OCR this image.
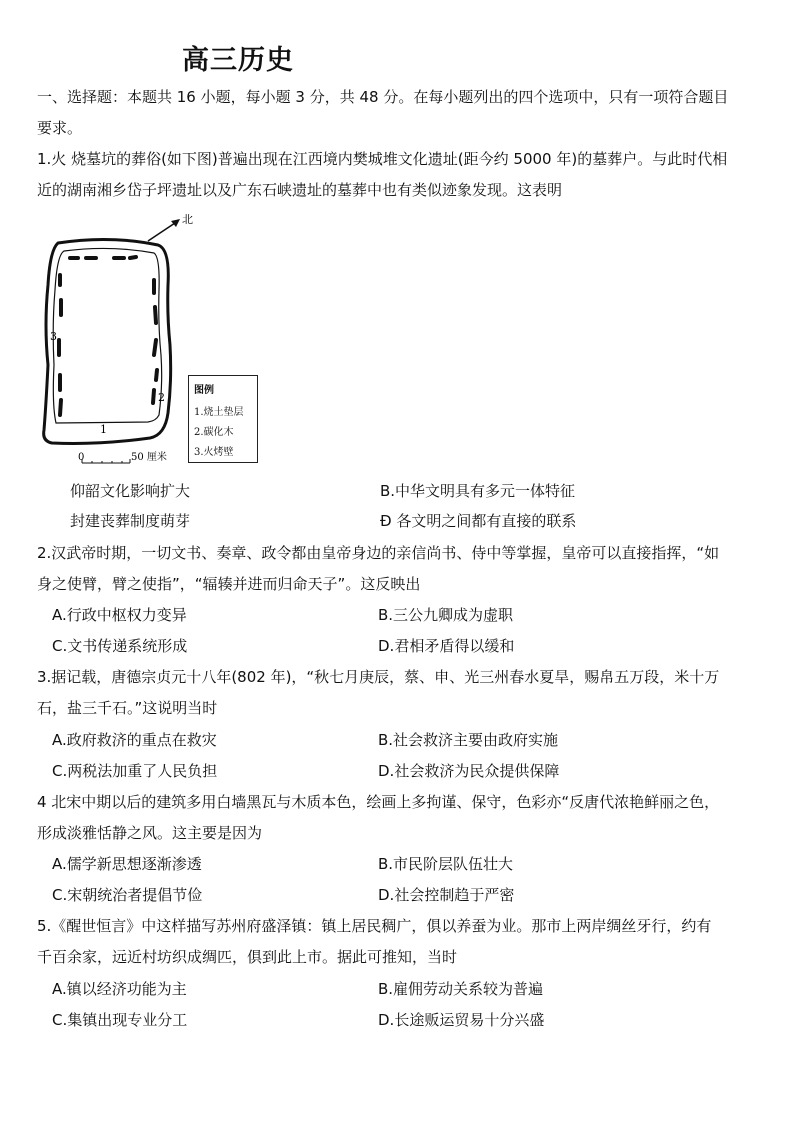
高三历史
一、选择题：本题共 16 小题，每小题 3 分，共 48 分。在每小题列出的四个选项中，只有一项符合题目
要求。
1.火 烧墓坑的葬俗(如下图)普遍出现在江西境内樊城堆文化遗址(距今约 5000 年)的墓葬户。与此时代相
近的湖南湘乡岱子坪遗址以及广东石峡遗址的墓葬中也有类似迹象发现。这表明
北
3
2
1
0	50 厘米
图例
1.烧土垫层
2.碳化木
3.火烤壁
仰韶文化影响扩大	B.中华文明具有多元一体特征
封建丧葬制度萌芽	Đ 各文明之间都有直接的联系
2.汉武帝时期，一切文书、奏章、政令都由皇帝身边的亲信尚书、侍中等掌握，皇帝可以直接指挥，“如
身之使臂，臂之使指”，“辐辏并进而归命天子”。这反映出
A.行政中枢权力变异	B.三公九卿成为虚职
C.文书传递系统形成	D.君相矛盾得以缓和
3.据记载，唐德宗贞元十八年(802 年)，“秋七月庚辰，蔡、申、光三州春水夏旱，赐帛五万段，米十万
石，盐三千石。”这说明当时
A.政府救济的重点在救灾	B.社会救济主要由政府实施
C.两税法加重了人民负担	D.社会救济为民众提供保障
4 北宋中期以后的建筑多用白墙黑瓦与木质本色，绘画上多拘谨、保守，色彩亦“反唐代浓艳鲜丽之色，
形成淡雅恬静之风。这主要是因为
A.儒学新思想逐渐渗透	B.市民阶层队伍壮大
C.宋朝统治者提倡节俭	D.社会控制趋于严密
5.《醒世恒言》中这样描写苏州府盛泽镇：镇上居民稠广，俱以养蚕为业。那市上两岸绸丝牙行，约有
千百余家，远近村坊织成绸匹，俱到此上市。据此可推知，当时
A.镇以经济功能为主	B.雇佣劳动关系较为普遍
C.集镇出现专业分工	D.长途贩运贸易十分兴盛
